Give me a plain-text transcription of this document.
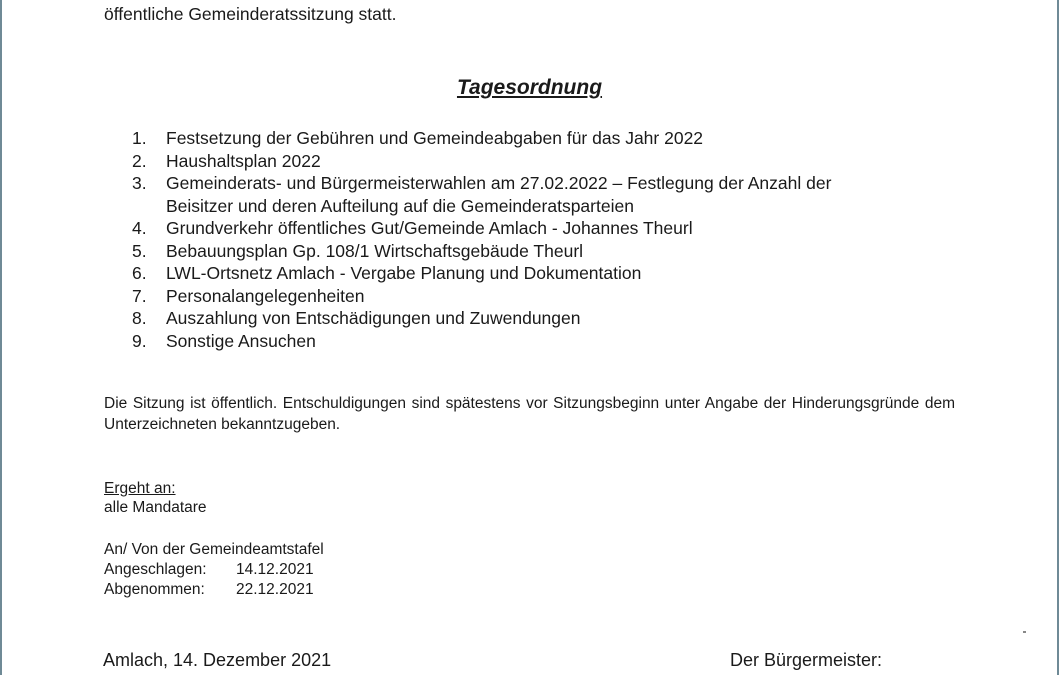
öffentliche Gemeinderatssitzung statt.
Tagesordnung
1. Festsetzung der Gebühren und Gemeindeabgaben für das Jahr 2022
2. Haushaltsplan 2022
3. Gemeinderats- und Bürgermeisterwahlen am 27.02.2022 – Festlegung der Anzahl der
Beisitzer und deren Aufteilung auf die Gemeinderatsparteien
4. Grundverkehr öffentliches Gut/Gemeinde Amlach - Johannes Theurl
5. Bebauungsplan Gp. 108/1 Wirtschaftsgebäude Theurl
6. LWL-Ortsnetz Amlach - Vergabe Planung und Dokumentation
7. Personalangelegenheiten
8. Auszahlung von Entschädigungen und Zuwendungen
9. Sonstige Ansuchen
Die Sitzung ist öffentlich. Entschuldigungen sind spätestens vor Sitzungsbeginn unter Angabe der Hinderungsgründe dem Unterzeichneten bekanntzugeben.
Ergeht an:
alle Mandatare
An/ Von der Gemeindeamtstafel
Angeschlagen: 14.12.2021
Abgenommen: 22.12.2021
Amlach, 14. Dezember 2021	Der Bürgermeister:
